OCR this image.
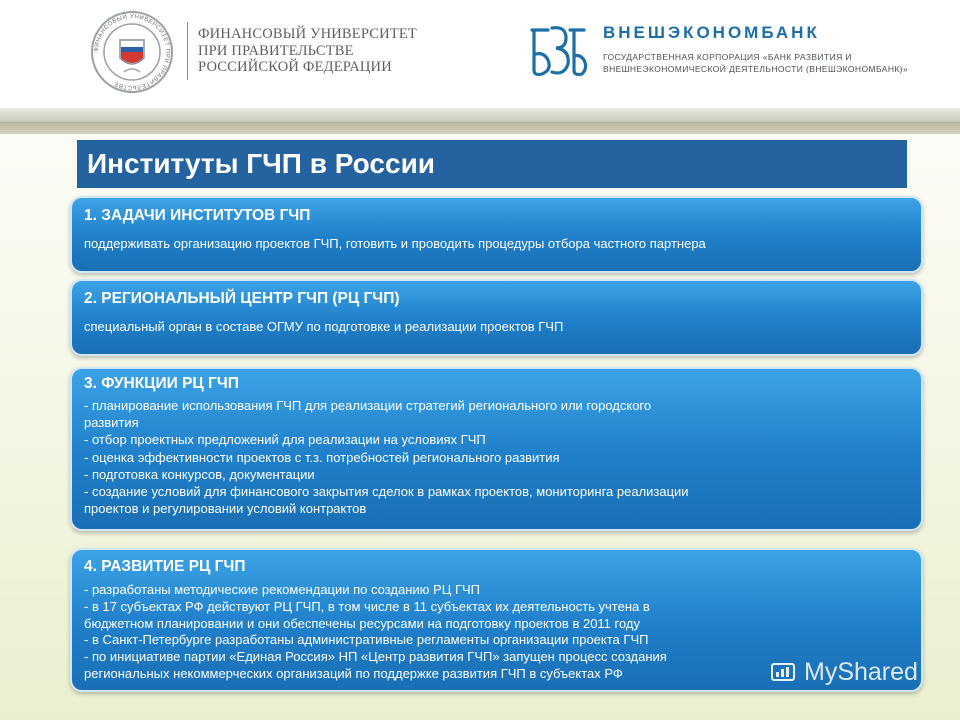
ФИНАНСОВЫЙ УНИВЕРСИТЕТ ПРИ ПРАВИТЕЛЬСТВЕ
ФИНАНСОВЫЙ УНИВЕРСИТЕТ
ПРИ ПРАВИТЕЛЬСТВЕ
РОССИЙСКОЙ ФЕДЕРАЦИИ
ВНЕШЭКОНОМБАНК
ГОСУДАРСТВЕННАЯ КОРПОРАЦИЯ «БАНК РАЗВИТИЯ И
ВНЕШНЕЭКОНОМИЧЕСКОЙ ДЕЯТЕЛЬНОСТИ (ВНЕШЭКОНОМБАНК)»
Институты ГЧП в России
1. ЗАДАЧИ ИНСТИТУТОВ ГЧП
поддерживать организацию проектов ГЧП, готовить и проводить процедуры отбора частного партнера
2. РЕГИОНАЛЬНЫЙ ЦЕНТР ГЧП (РЦ ГЧП)
специальный орган в составе ОГМУ по подготовке и реализации проектов ГЧП
3. ФУНКЦИИ РЦ ГЧП
- планирование использования ГЧП для реализации стратегий регионального или городского
развития
- отбор проектных предложений для реализации на условиях ГЧП
- оценка эффективности проектов с т.з. потребностей регионального развития
- подготовка конкурсов, документации
- создание условий для финансового закрытия сделок в рамках проектов, мониторинга реализации
проектов и регулировании условий контрактов
4. РАЗВИТИЕ РЦ ГЧП
- разработаны методические рекомендации по созданию РЦ ГЧП
- в 17 субъектах РФ действуют РЦ ГЧП, в том числе в 11 субъектах их деятельность учтена в
бюджетном планировании и они обеспечены ресурсами на подготовку проектов в 2011 году
- в Санкт-Петербурге разработаны административные регламенты организации проекта ГЧП
- по инициативе партии «Единая Россия» НП «Центр развития ГЧП» запущен процесс создания
региональных некоммерческих организаций по поддержке развития ГЧП в субъектах РФ	MyShared
